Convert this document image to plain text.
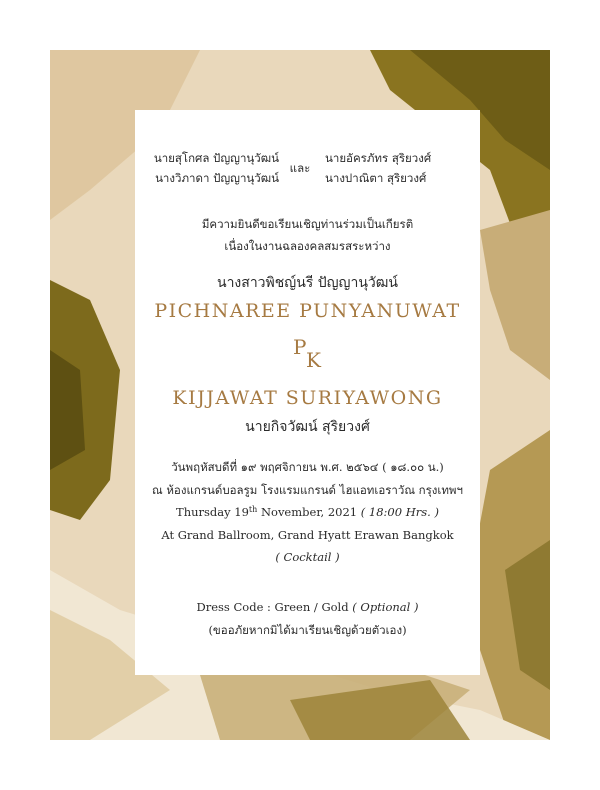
นายสุโกศล ปัญญานุวัฒน์
นางวิภาดา ปัญญานุวัฒน์
และ
นายอัครภัทร สุริยวงศ์
นางปาณิตา สุริยวงศ์
มีความยินดีขอเรียนเชิญท่านร่วมเป็นเกียรติ
เนื่องในงานฉลองคลสมรสระหว่าง
นางสาวพิชญ์นรี ปัญญานุวัฒน์
PICHNAREE PUNYANUWAT
P
K
KIJJAWAT SURIYAWONG
นายกิจวัฒน์ สุริยวงศ์
วันพฤหัสบดีที่ ๑๙ พฤศจิกายน พ.ศ. ๒๕๖๔ ( ๑๘.๐๐ น.)
ณ ห้องแกรนด์บอลรูม โรงแรมแกรนด์ ไฮแอทเอราวัณ กรุงเทพฯ
Thursday 19th November, 2021 ( 18:00 Hrs. )
At Grand Ballroom, Grand Hyatt Erawan Bangkok
( Cocktail )
Dress Code : Green / Gold ( Optional )
(ขออภัยหากมิได้มาเรียนเชิญด้วยตัวเอง)
